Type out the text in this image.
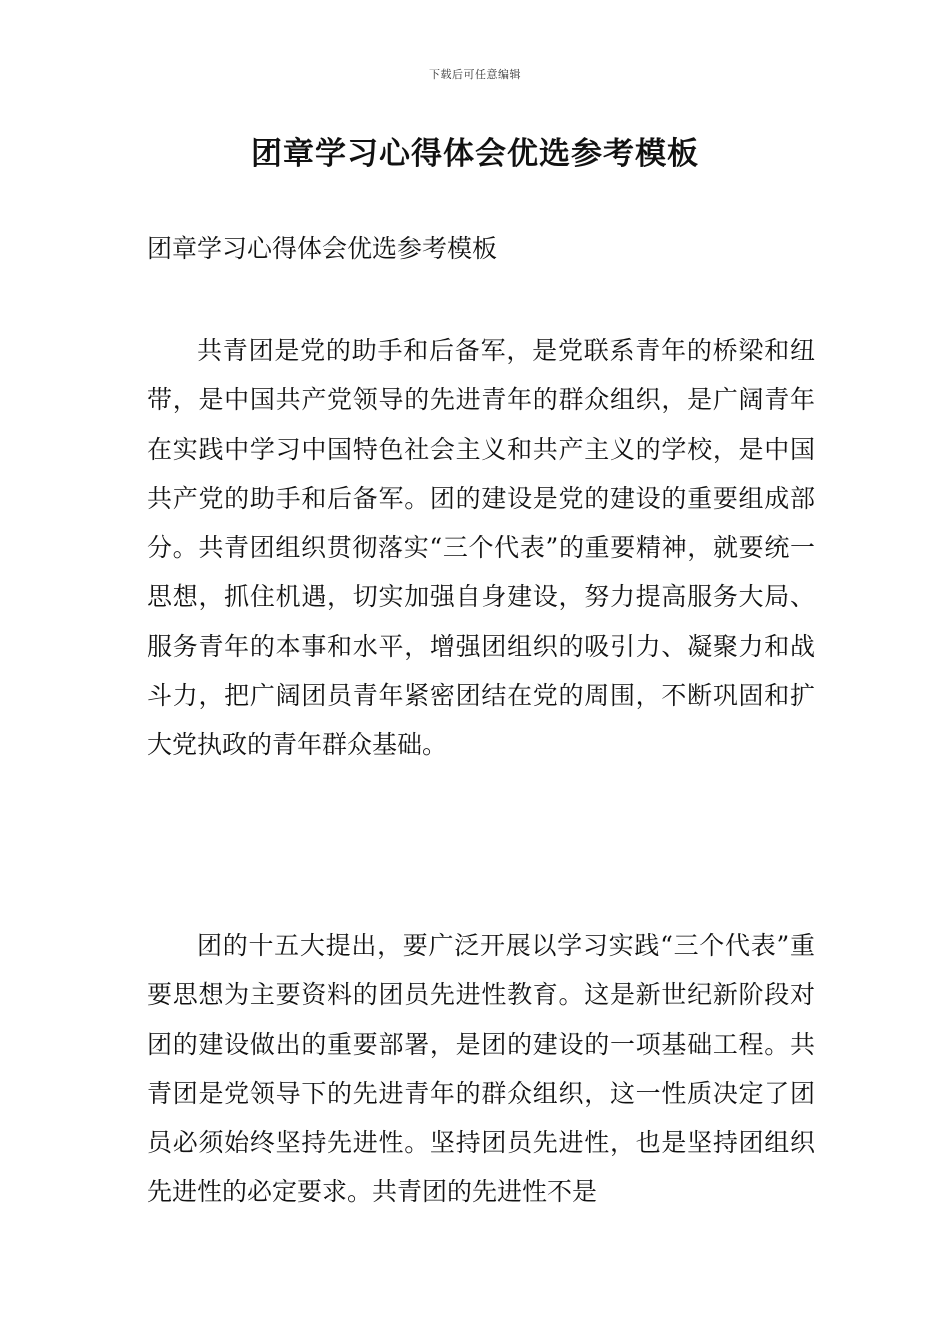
下载后可任意编辑
团章学习心得体会优选参考模板

团章学习心得体会优选参考模板

共青团是党的助手和后备军，是党联系青年的桥梁和纽带，是中国共产党领导的先进青年的群众组织，是广阔青年在实践中学习中国特色社会主义和共产主义的学校，是中国共产党的助手和后备军。团的建设是党的建设的重要组成部分。共青团组织贯彻落实“三个代表”的重要精神，就要统一思想，抓住机遇，切实加强自身建设，努力提高服务大局、服务青年的本事和水平，增强团组织的吸引力、凝聚力和战斗力，把广阔团员青年紧密团结在党的周围，不断巩固和扩大党执政的青年群众基础。

团的十五大提出，要广泛开展以学习实践“三个代表”重要思想为主要资料的团员先进性教育。这是新世纪新阶段对团的建设做出的重要部署，是团的建设的一项基础工程。共青团是党领导下的先进青年的群众组织，这一性质决定了团员必须始终坚持先进性。坚持团员先进性，也是坚持团组织先进性的必定要求。共青团的先进性不是
